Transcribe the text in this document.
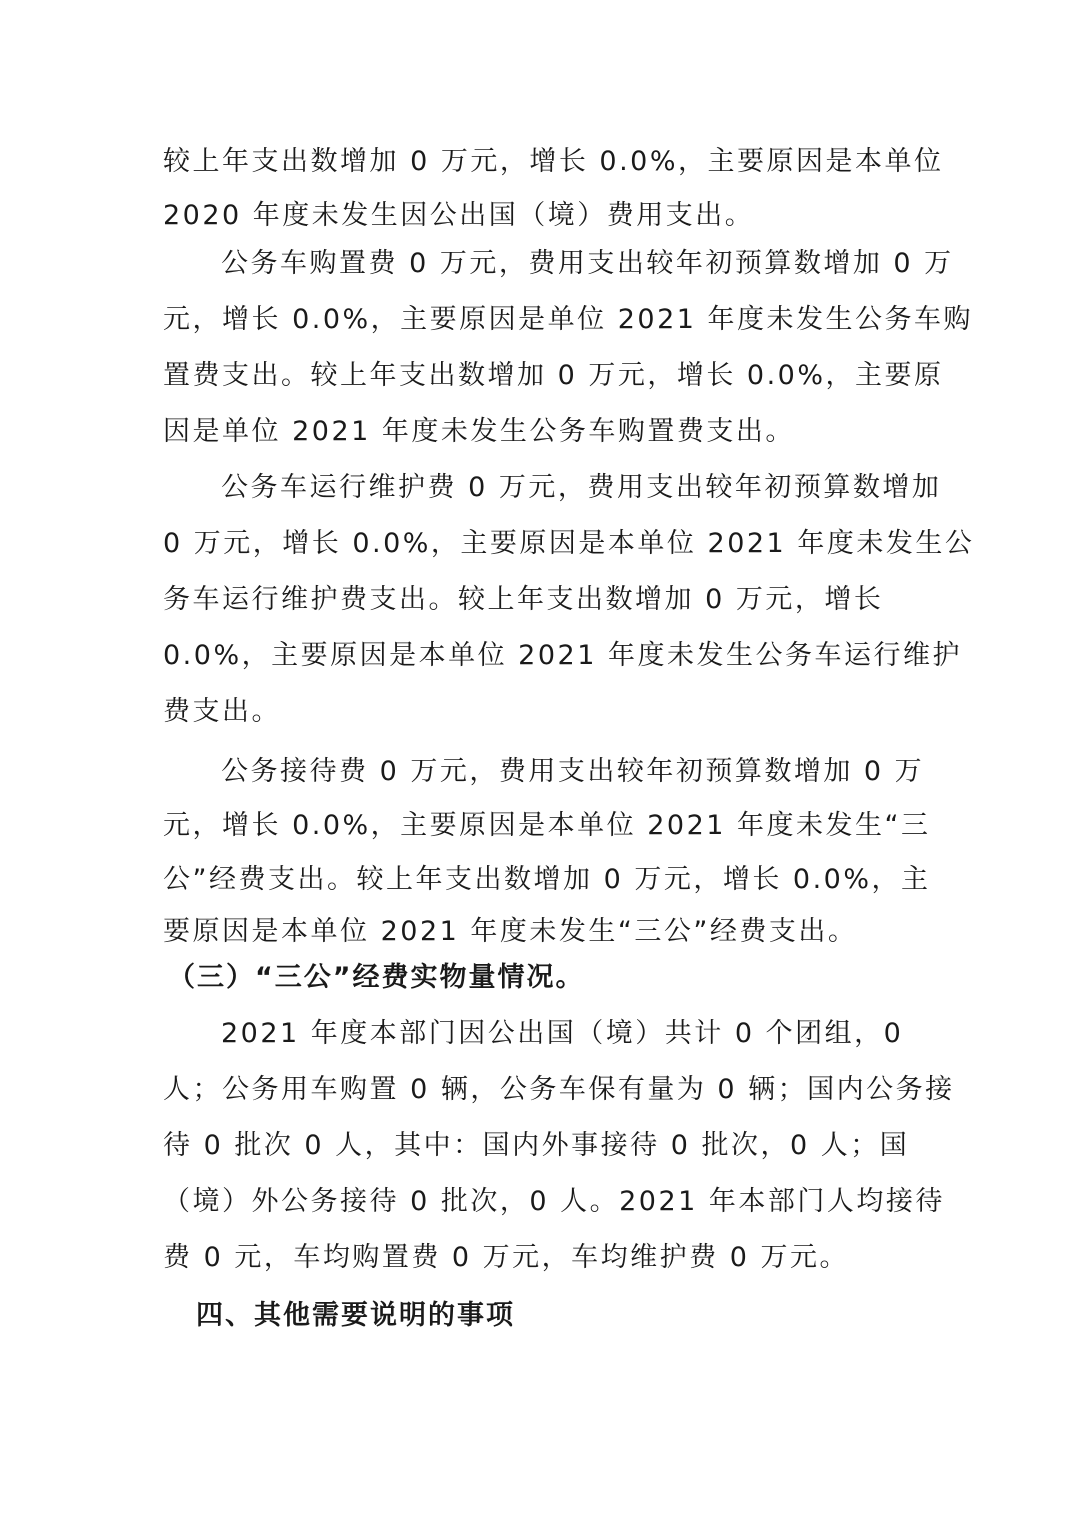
较上年支出数增加 0 万元，增长 0.0%，主要原因是本单位
2020 年度未发生因公出国（境）费用支出。
公务车购置费 0 万元，费用支出较年初预算数增加 0 万
元，增长 0.0%，主要原因是单位 2021 年度未发生公务车购
置费支出。较上年支出数增加 0 万元，增长 0.0%，主要原
因是单位 2021 年度未发生公务车购置费支出。
公务车运行维护费 0 万元，费用支出较年初预算数增加
0 万元，增长 0.0%，主要原因是本单位 2021 年度未发生公
务车运行维护费支出。较上年支出数增加 0 万元，增长
0.0%，主要原因是本单位 2021 年度未发生公务车运行维护
费支出。
公务接待费 0 万元，费用支出较年初预算数增加 0 万
元，增长 0.0%，主要原因是本单位 2021 年度未发生“三
公”经费支出。较上年支出数增加 0 万元，增长 0.0%，主
要原因是本单位 2021 年度未发生“三公”经费支出。
（三）“三公”经费实物量情况。
2021 年度本部门因公出国（境）共计 0 个团组，0
人；公务用车购置 0 辆，公务车保有量为 0 辆；国内公务接
待 0 批次 0 人，其中：国内外事接待 0 批次，0 人；国
（境）外公务接待 0 批次，0 人。2021 年本部门人均接待
费 0 元，车均购置费 0 万元，车均维护费 0 万元。
四、其他需要说明的事项
